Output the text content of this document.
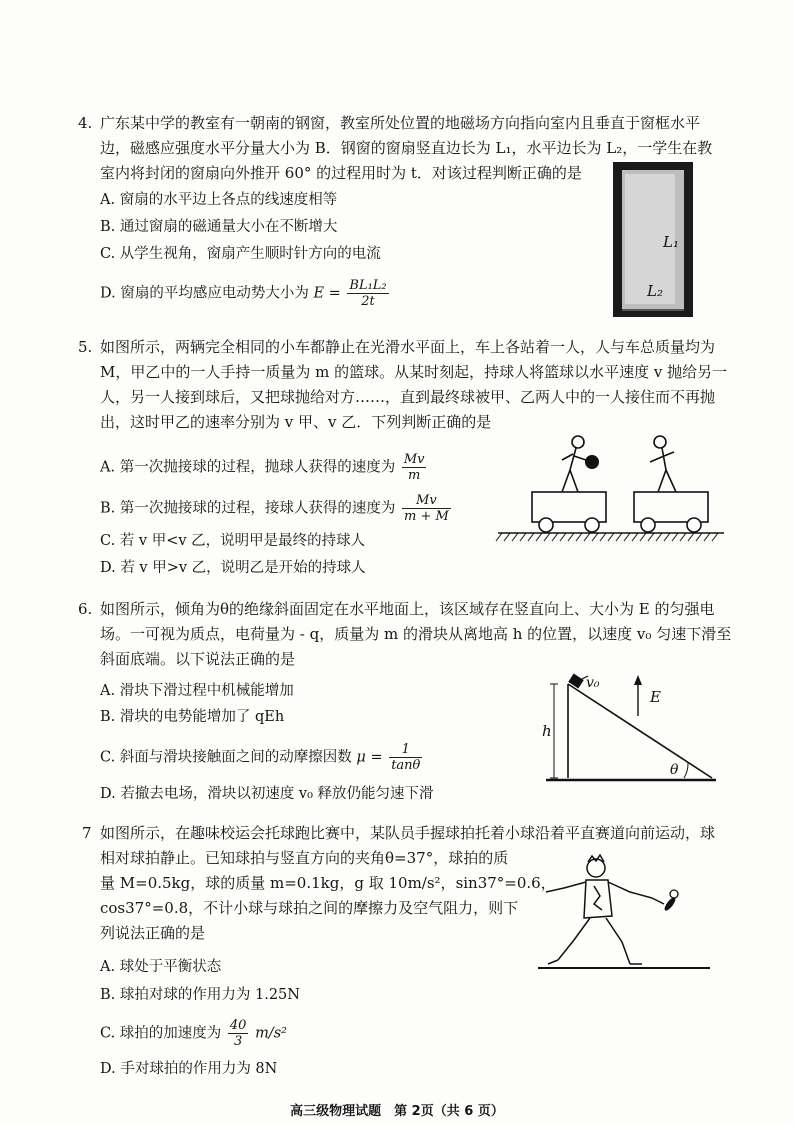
4. 广东某中学的教室有一朝南的钢窗，教室所处位置的地磁场方向指向室内且垂直于窗框水平
边，磁感应强度水平分量大小为 B．钢窗的窗扇竖直边长为 L₁，水平边长为 L₂，一学生在教
室内将封闭的窗扇向外推开 60° 的过程用时为 t．对该过程判断正确的是
A. 窗扇的水平边上各点的线速度相等
B. 通过窗扇的磁通量大小在不断增大
C. 从学生视角，窗扇产生顺时针方向的电流
D. 窗扇的平均感应电动势大小为 $E = \frac{\text{BL₁L₂}}{2t}$
L₁
L₂
5. 如图所示，两辆完全相同的小车都静止在光滑水平面上，车上各站着一人，人与车总质量均为
M，甲乙中的一人手持一质量为 m 的篮球。从某时刻起，持球人将篮球以水平速度 v 抛给另一
人，另一人接到球后，又把球抛给对方……，直到最终球被甲、乙两人中的一人接住而不再抛
出，这时甲乙的速率分别为 v 甲、v 乙．下列判断正确的是
A. 第一次抛接球的过程，抛球人获得的速度为 $\frac{Mv}{m}$
B. 第一次抛接球的过程，接球人获得的速度为 $\frac{Mv}{m + M}$
C. 若 v 甲<v 乙，说明甲是最终的持球人
D. 若 v 甲>v 乙，说明乙是开始的持球人
6. 如图所示，倾角为θ的绝缘斜面固定在水平地面上，该区域存在竖直向上、大小为 E 的匀强电
场。一可视为质点，电荷量为 - q，质量为 m 的滑块从离地高 h 的位置，以速度 v₀ 匀速下滑至
斜面底端。以下说法正确的是
A. 滑块下滑过程中机械能增加
B. 滑块的电势能增加了 qEh
C. 斜面与滑块接触面之间的动摩擦因数 $\mu = \frac{1}{\tan\theta}$
D. 若撤去电场，滑块以初速度 v₀ 释放仍能匀速下滑
h
v₀
E
θ
7 如图所示，在趣味校运会托球跑比赛中，某队员手握球拍托着小球沿着平直赛道向前运动，球
相对球拍静止。已知球拍与竖直方向的夹角θ=37°，球拍的质
量 M=0.5kg，球的质量 m=0.1kg，g 取 10m/s²，sin37°=0.6，
cos37°=0.8，不计小球与球拍之间的摩擦力及空气阻力，则下
列说法正确的是
A. 球处于平衡状态
B. 球拍对球的作用力为 1.25N
C. 球拍的加速度为 $\frac{40}{3} m/s^2$
D. 手对球拍的作用力为 8N
高三级物理试题　第 2页（共 6 页）
